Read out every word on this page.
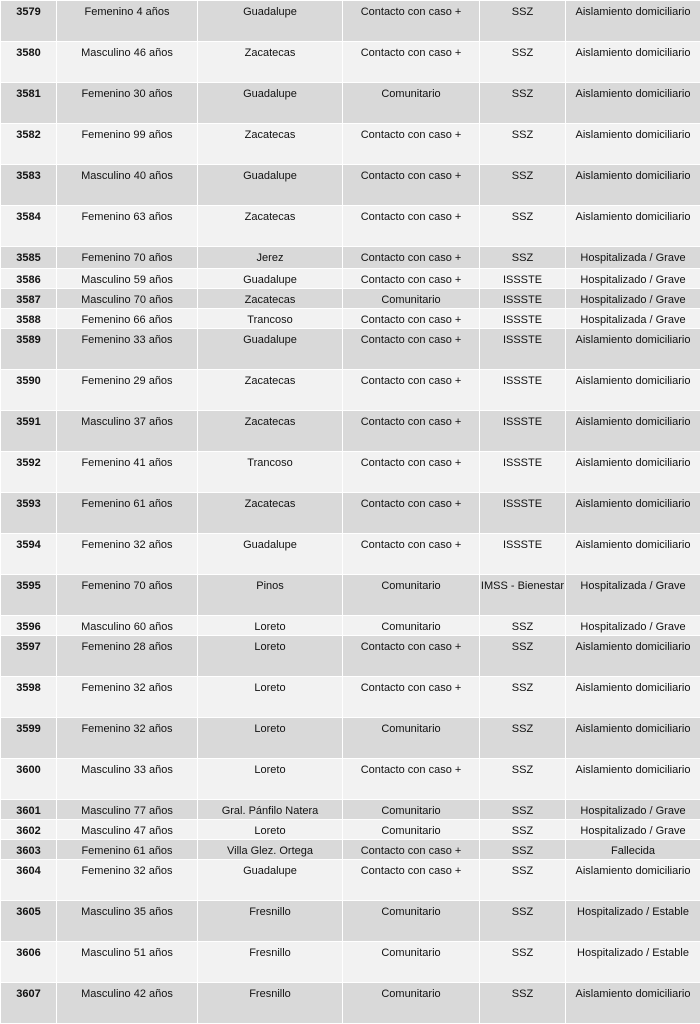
3579	Femenino 4 años	Guadalupe	Contacto con caso +	SSZ	Aislamiento domiciliario

3580	Masculino 46 años	Zacatecas	Contacto con caso +	SSZ	Aislamiento domiciliario

3581	Femenino 30 años	Guadalupe	Comunitario	SSZ	Aislamiento domiciliario

3582	Femenino 99 años	Zacatecas	Contacto con caso +	SSZ	Aislamiento domiciliario

3583	Masculino 40 años	Guadalupe	Contacto con caso +	SSZ	Aislamiento domiciliario

3584	Femenino 63 años	Zacatecas	Contacto con caso +	SSZ	Aislamiento domiciliario

3585	Femenino 70 años	Jerez	Contacto con caso +	SSZ	Hospitalizada / Grave

3586	Masculino 59 años	Guadalupe	Contacto con caso +	ISSSTE	Hospitalizado / Grave

3587	Masculino 70 años	Zacatecas	Comunitario	ISSSTE	Hospitalizado / Grave

3588	Femenino 66 años	Trancoso	Contacto con caso +	ISSSTE	Hospitalizada / Grave

3589	Femenino 33 años	Guadalupe	Contacto con caso +	ISSSTE	Aislamiento domiciliario

3590	Femenino 29 años	Zacatecas	Contacto con caso +	ISSSTE	Aislamiento domiciliario

3591	Masculino 37 años	Zacatecas	Contacto con caso +	ISSSTE	Aislamiento domiciliario

3592	Femenino 41 años	Trancoso	Contacto con caso +	ISSSTE	Aislamiento domiciliario

3593	Femenino 61 años	Zacatecas	Contacto con caso +	ISSSTE	Aislamiento domiciliario

3594	Femenino 32 años	Guadalupe	Contacto con caso +	ISSSTE	Aislamiento domiciliario

3595	Femenino 70 años	Pinos	Comunitario	IMSS - Bienestar	Hospitalizada / Grave

3596	Masculino 60 años	Loreto	Comunitario	SSZ	Hospitalizado / Grave

3597	Femenino 28 años	Loreto	Contacto con caso +	SSZ	Aislamiento domiciliario

3598	Femenino 32 años	Loreto	Contacto con caso +	SSZ	Aislamiento domiciliario

3599	Femenino 32 años	Loreto	Comunitario	SSZ	Aislamiento domiciliario

3600	Masculino 33 años	Loreto	Contacto con caso +	SSZ	Aislamiento domiciliario

3601	Masculino 77 años	Gral. Pánfilo Natera	Comunitario	SSZ	Hospitalizado / Grave

3602	Masculino 47 años	Loreto	Comunitario	SSZ	Hospitalizado / Grave

3603	Femenino 61 años	Villa Glez. Ortega	Contacto con caso +	SSZ	Fallecida

3604	Femenino 32 años	Guadalupe	Contacto con caso +	SSZ	Aislamiento domiciliario

3605	Masculino 35 años	Fresnillo	Comunitario	SSZ	Hospitalizado / Estable

3606	Masculino 51 años	Fresnillo	Comunitario	SSZ	Hospitalizado / Estable

3607	Masculino 42 años	Fresnillo	Comunitario	SSZ	Aislamiento domiciliario
